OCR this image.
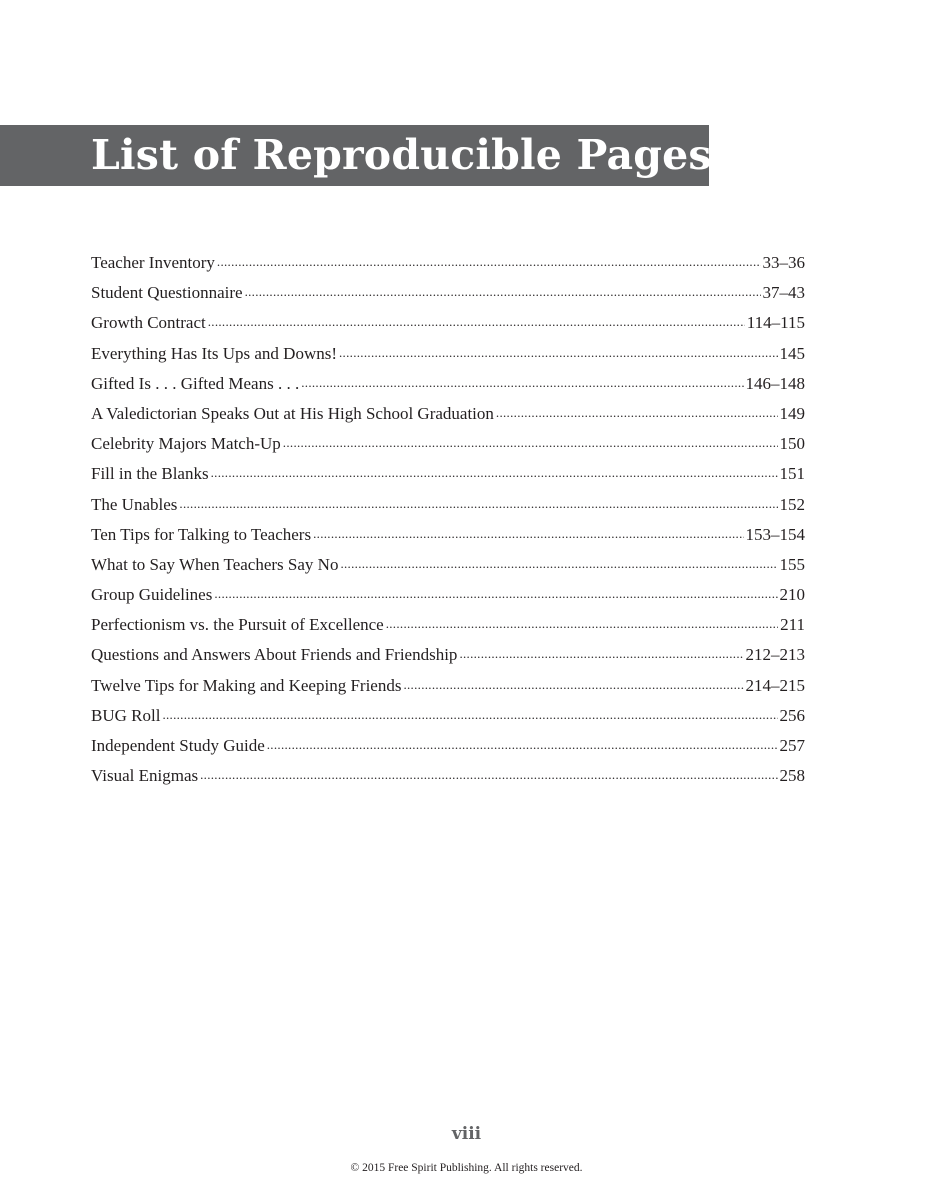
List of Reproducible Pages
Teacher Inventory .....	33–36
Student Questionnaire .....	37–43
Growth Contract .....	114–115
Everything Has Its Ups and Downs! .....	145
Gifted Is . . . Gifted Means . . . .....	146–148
A Valedictorian Speaks Out at His High School Graduation .....	149
Celebrity Majors Match-Up .....	150
Fill in the Blanks .....	151
The Unables .....	152
Ten Tips for Talking to Teachers .....	153–154
What to Say When Teachers Say No .....	155
Group Guidelines .....	210
Perfectionism vs. the Pursuit of Excellence .....	211
Questions and Answers About Friends and Friendship .....	212–213
Twelve Tips for Making and Keeping Friends .....	214–215
BUG Roll .....	256
Independent Study Guide .....	257
Visual Enigmas .....	258
viii
© 2015 Free Spirit Publishing. All rights reserved.
